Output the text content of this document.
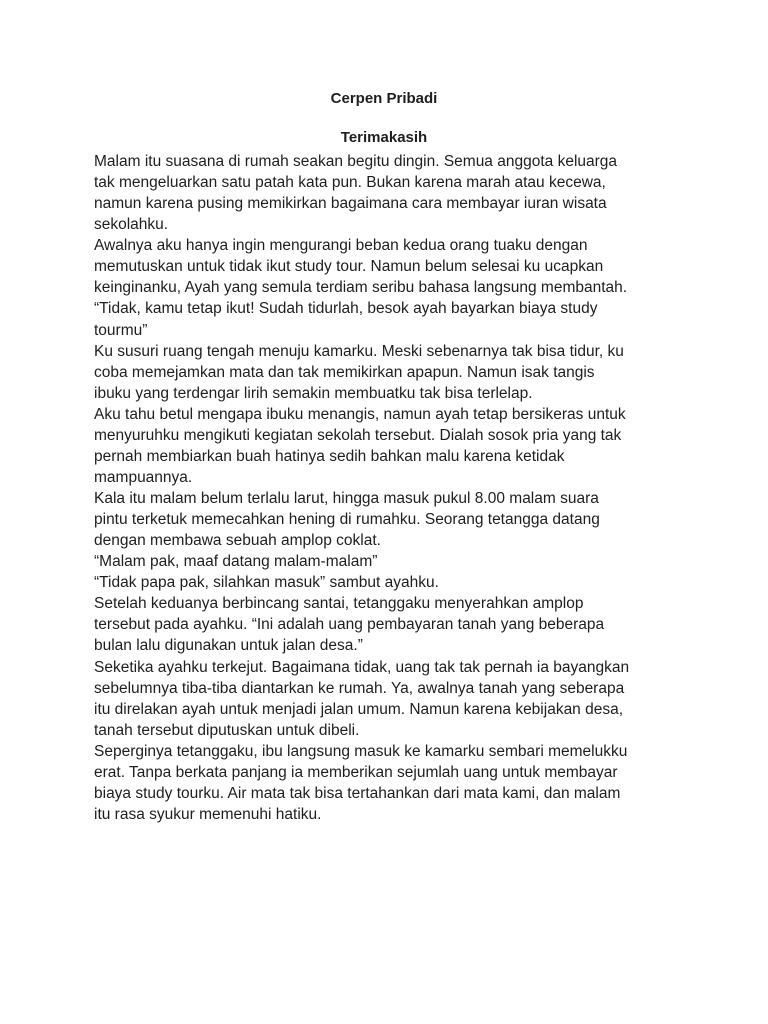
Cerpen Pribadi
Terimakasih
Malam itu suasana di rumah seakan begitu dingin. Semua anggota keluarga
tak mengeluarkan satu patah kata pun. Bukan karena marah atau kecewa,
namun karena pusing memikirkan bagaimana cara membayar iuran wisata
sekolahku.
Awalnya aku hanya ingin mengurangi beban kedua orang tuaku dengan
memutuskan untuk tidak ikut study tour. Namun belum selesai ku ucapkan
keinginanku, Ayah yang semula terdiam seribu bahasa langsung membantah.
“Tidak, kamu tetap ikut! Sudah tidurlah, besok ayah bayarkan biaya study
tourmu”
Ku susuri ruang tengah menuju kamarku. Meski sebenarnya tak bisa tidur, ku
coba memejamkan mata dan tak memikirkan apapun. Namun isak tangis
ibuku yang terdengar lirih semakin membuatku tak bisa terlelap.
Aku tahu betul mengapa ibuku menangis, namun ayah tetap bersikeras untuk
menyuruhku mengikuti kegiatan sekolah tersebut. Dialah sosok pria yang tak
pernah membiarkan buah hatinya sedih bahkan malu karena ketidak
mampuannya.
Kala itu malam belum terlalu larut, hingga masuk pukul 8.00 malam suara
pintu terketuk memecahkan hening di rumahku. Seorang tetangga datang
dengan membawa sebuah amplop coklat.
“Malam pak, maaf datang malam-malam”
“Tidak papa pak, silahkan masuk” sambut ayahku.
Setelah keduanya berbincang santai, tetanggaku menyerahkan amplop
tersebut pada ayahku. “Ini adalah uang pembayaran tanah yang beberapa
bulan lalu digunakan untuk jalan desa.”
Seketika ayahku terkejut. Bagaimana tidak, uang tak tak pernah ia bayangkan
sebelumnya tiba-tiba diantarkan ke rumah. Ya, awalnya tanah yang seberapa
itu direlakan ayah untuk menjadi jalan umum. Namun karena kebijakan desa,
tanah tersebut diputuskan untuk dibeli.
Seperginya tetanggaku, ibu langsung masuk ke kamarku sembari memelukku
erat. Tanpa berkata panjang ia memberikan sejumlah uang untuk membayar
biaya study tourku. Air mata tak bisa tertahankan dari mata kami, dan malam
itu rasa syukur memenuhi hatiku.
